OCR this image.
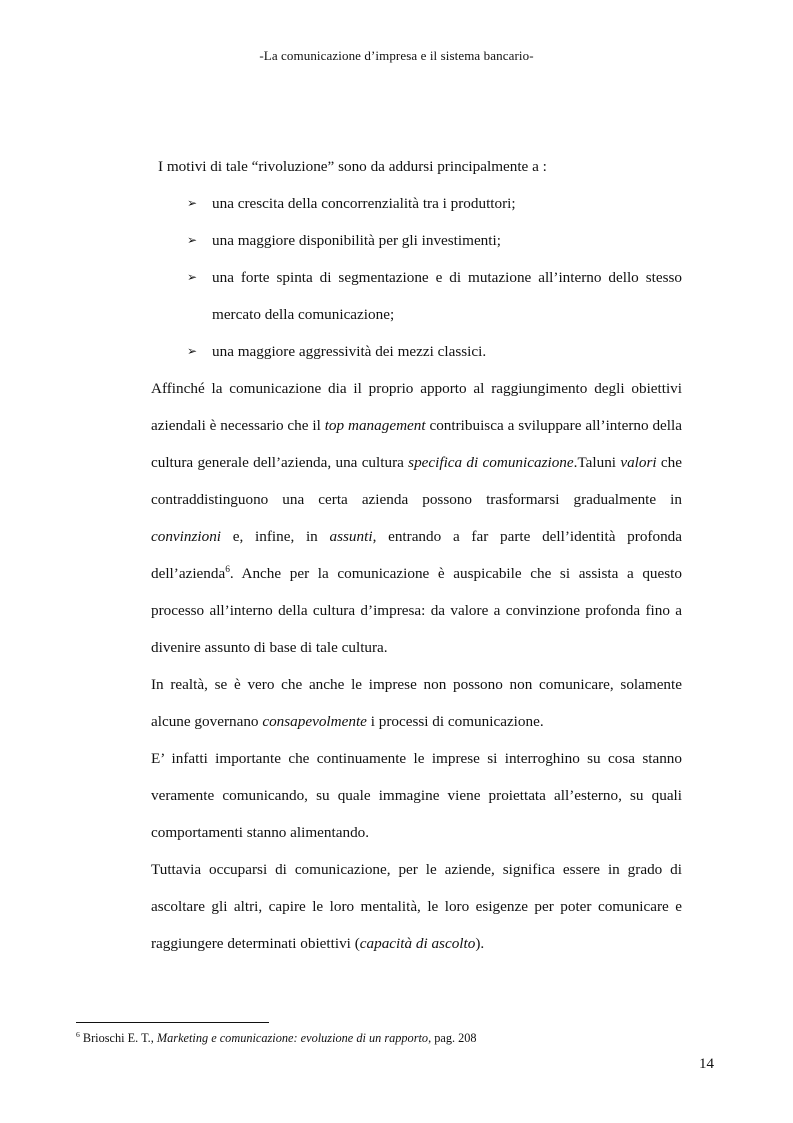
-La comunicazione d’impresa e il sistema bancario-
I motivi di tale “rivoluzione” sono da addursi principalmente a :
➢ una crescita della concorrenzialità tra i produttori;
➢ una maggiore disponibilità per gli investimenti;
➢ una forte spinta di segmentazione e di mutazione all’interno dello stesso mercato della comunicazione;
➢ una maggiore aggressività dei mezzi classici.

Affinché la comunicazione dia il proprio apporto al raggiungimento degli obiettivi aziendali è necessario che il top management contribuisca a sviluppare all’interno della cultura generale dell’azienda, una cultura specifica di comunicazione.Taluni valori che contraddistinguono una certa azienda possono trasformarsi gradualmente in convinzioni e, infine, in assunti, entrando a far parte dell’identità profonda dell’azienda$^6$. Anche per la comunicazione è auspicabile che si assista a questo processo all’interno della cultura d’impresa: da valore a convinzione profonda fino a divenire assunto di base di tale cultura.

In realtà, se è vero che anche le imprese non possono non comunicare, solamente alcune governano consapevolmente i processi di comunicazione.

E’ infatti importante che continuamente le imprese si interroghino su cosa stanno veramente comunicando, su quale immagine viene proiettata all’esterno, su quali comportamenti stanno alimentando.

Tuttavia occuparsi di comunicazione, per le aziende, significa essere in grado di ascoltare gli altri, capire le loro mentalità, le loro esigenze per poter comunicare e raggiungere determinati obiettivi (capacità di ascolto).

$^6$ Brioschi E. T., Marketing e comunicazione: evoluzione di un rapporto, pag. 208
14
